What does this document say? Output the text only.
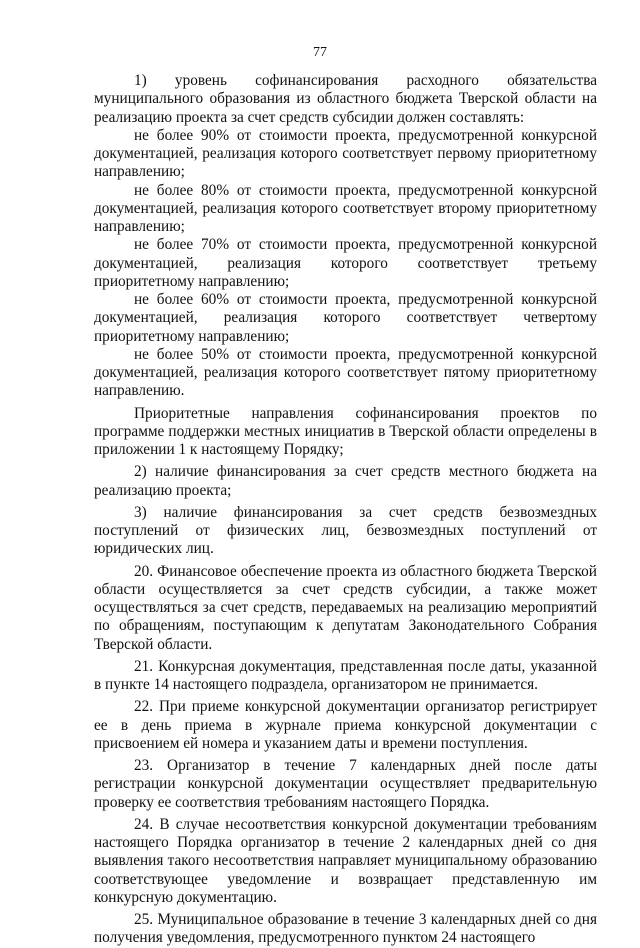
77

1) уровень софинансирования расходного обязательства муниципального образования из областного бюджета Тверской области на реализацию проекта за счет средств субсидии должен составлять:

не более 90% от стоимости проекта, предусмотренной конкурсной документацией, реализация которого соответствует первому приоритетному направлению;

не более 80% от стоимости проекта, предусмотренной конкурсной документацией, реализация которого соответствует второму приоритетному направлению;

не более 70% от стоимости проекта, предусмотренной конкурсной документацией, реализация которого соответствует третьему приоритетному направлению;

не более 60% от стоимости проекта, предусмотренной конкурсной документацией, реализация которого соответствует четвертому приоритетному направлению;

не более 50% от стоимости проекта, предусмотренной конкурсной документацией, реализация которого соответствует пятому приоритетному направлению.

Приоритетные направления софинансирования проектов по программе поддержки местных инициатив в Тверской области определены в приложении 1 к настоящему Порядку;

2) наличие финансирования за счет средств местного бюджета на реализацию проекта;

3) наличие финансирования за счет средств безвозмездных поступлений от физических лиц, безвозмездных поступлений от юридических лиц.

20. Финансовое обеспечение проекта из областного бюджета Тверской области осуществляется за счет средств субсидии, а также может осуществляться за счет средств, передаваемых на реализацию мероприятий по обращениям, поступающим к депутатам Законодательного Собрания Тверской области.

21. Конкурсная документация, представленная после даты, указанной в пункте 14 настоящего подраздела, организатором не принимается.

22. При приеме конкурсной документации организатор регистрирует ее в день приема в журнале приема конкурсной документации с присвоением ей номера и указанием даты и времени поступления.

23. Организатор в течение 7 календарных дней после даты регистрации конкурсной документации осуществляет предварительную проверку ее соответствия требованиям настоящего Порядка.

24. В случае несоответствия конкурсной документации требованиям настоящего Порядка организатор в течение 2 календарных дней со дня выявления такого несоответствия направляет муниципальному образованию соответствующее уведомление и возвращает представленную им конкурсную документацию.

25. Муниципальное образование в течение 3 календарных дней со дня получения уведомления, предусмотренного пунктом 24 настоящего
